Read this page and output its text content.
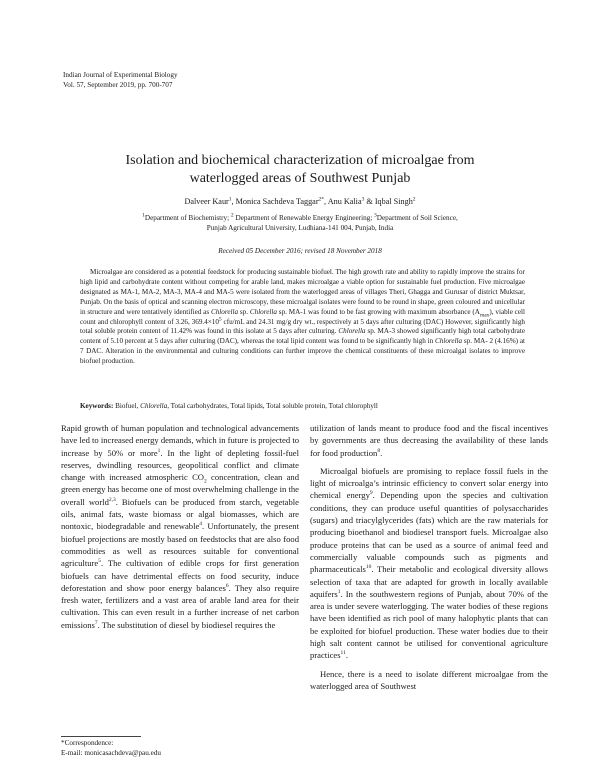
Indian Journal of Experimental Biology
Vol. 57, September 2019, pp. 700-707
Isolation and biochemical characterization of microalgae from
waterlogged areas of Southwest Punjab
Dalveer Kaur$^1$, Monica Sachdeva Taggar$^{2*}$, Anu Kalia$^3$ & Iqbal Singh$^2$
$^1$Department of Biochemistry; $^2$ Department of Renewable Energy Engineering; $^3$Department of Soil Science,
Punjab Agricultural University, Ludhiana-141 004, Punjab, India
Received 05 December 2016; revised 18 November 2018

Microalgae are considered as a potential feedstock for producing sustainable biofuel. The high growth rate and ability to rapidly improve the strains for high lipid and carbohydrate content without competing for arable land, makes microalgae a viable option for sustainable fuel production. Five microalgae designated as MA-1, MA-2, MA-3, MA-4 and MA-5 were isolated from the waterlogged areas of villages Theri, Ghagga and Gurusar of district Muktsar, Punjab. On the basis of optical and scanning electron microscopy, these microalgal isolates were found to be round in shape, green coloured and unicellular in structure and were tentatively identified as Chlorella sp. Chlorella sp. MA-1 was found to be fast growing with maximum absorbance $(A_{max})$, viable cell count and chlorophyll content of 3.26, $369.4\times 10^5$ cfu/mL and 24.31 mg/g dry wt., respectively at 5 days after culturing (DAC) However, significantly high total soluble protein content of 11.42% was found in this isolate at 5 days after culturing. Chlorella sp. MA-3 showed significantly high total carbohydrate content of 5.10 percent at 5 days after culturing (DAC), whereas the total lipid content was found to be significantly high in Chlorella sp. MA- 2 (4.16%) at 7 DAC. Alteration in the environmental and culturing conditions can further improve the chemical constituents of these microalgal isolates to improve biofuel production.

Keywords: Biofuel, Chlorella, Total carbohydrates, Total lipids, Total soluble protein, Total chlorophyll

Rapid growth of human population and technological advancements have led to increased energy demands, which in future is projected to increase by 50% or more$^1$. In the light of depleting fossil-fuel reserves, dwindling resources, geopolitical conflict and climate change with increased atmospheric $CO_2$ concentration, clean and green energy has become one of most overwhelming challenge in the overall world$^{2,3}$. Biofuels can be produced from starch, vegetable oils, animal fats, waste biomass or algal biomasses, which are nontoxic, biodegradable and renewable$^4$. Unfortunately, the present biofuel projections are mostly based on feedstocks that are also food commodities as well as resources suitable for conventional agriculture$^5$. The cultivation of edible crops for first generation biofuels can have detrimental effects on food security, induce deforestation and show poor energy balances$^6$. They also require fresh water, fertilizers and a vast area of arable land area for their cultivation. This can even result in a further increase of net carbon emissions$^7$. The substitution of diesel by biodiesel requires the

utilization of lands meant to produce food and the fiscal incentives by governments are thus decreasing the availability of these lands for food production$^8$.

Microalgal biofuels are promising to replace fossil fuels in the light of microalga’s intrinsic efficiency to convert solar energy into chemical energy$^9$. Depending upon the species and cultivation conditions, they can produce useful quantities of polysaccharides (sugars) and triacylglycerides (fats) which are the raw materials for producing bioethanol and biodiesel transport fuels. Microalgae also produce proteins that can be used as a source of animal feed and commercially valuable compounds such as pigments and pharmaceuticals$^{10}$. Their metabolic and ecological diversity allows selection of taxa that are adapted for growth in locally available aquifers$^1$. In the southwestern regions of Punjab, about 70% of the area is under severe waterlogging. The water bodies of these regions have been identified as rich pool of many halophytic plants that can be exploited for biofuel production. These water bodies due to their high salt content cannot be utilised for conventional agriculture practices$^{11}$.

Hence, there is a need to isolate different microalgae from the waterlogged area of Southwest

*Correspondence:
E-mail: monicasachdeva@pau.edu
